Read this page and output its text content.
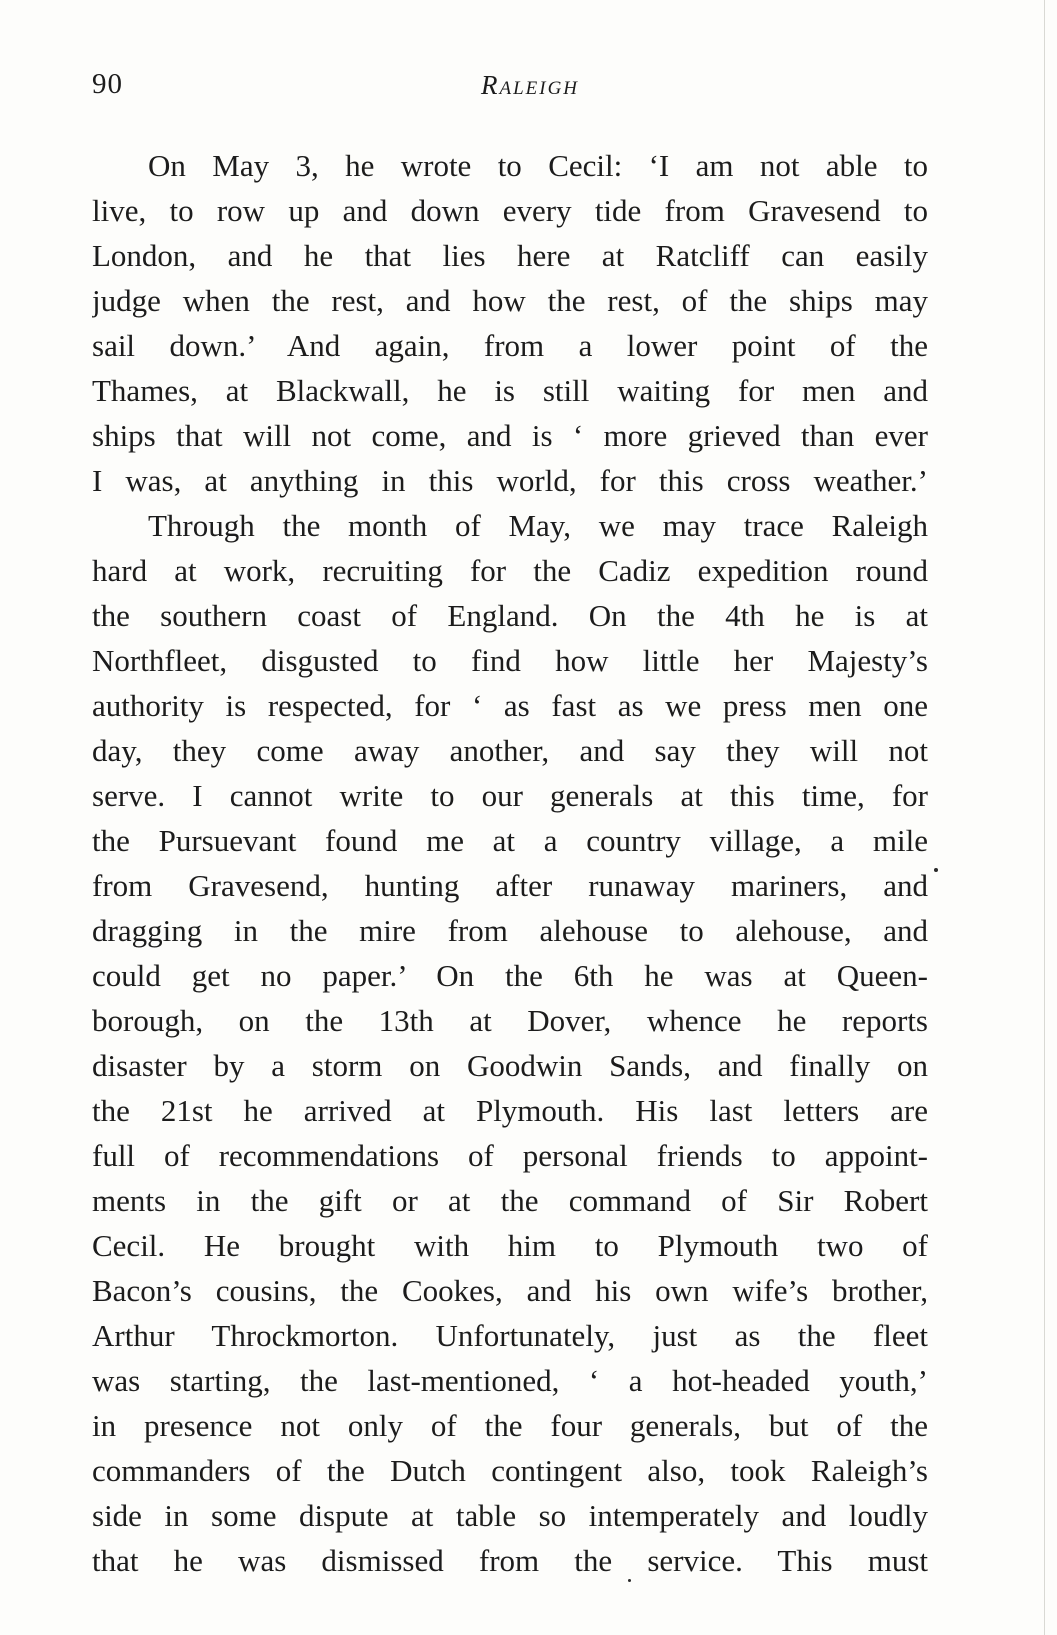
90	Raleigh
On May 3, he wrote to Cecil: ‘I am not able to
live, to row up and down every tide from Gravesend to
London, and he that lies here at Ratcliff can easily
judge when the rest, and how the rest, of the ships may
sail down.’ And again, from a lower point of the
Thames, at Blackwall, he is still waiting for men and
ships that will not come, and is ‘ more grieved than ever
I was, at anything in this world, for this cross weather.’
Through the month of May, we may trace Raleigh
hard at work, recruiting for the Cadiz expedition round
the southern coast of England. On the 4th he is at
Northfleet, disgusted to find how little her Majesty’s
authority is respected, for ‘ as fast as we press men one
day, they come away another, and say they will not
serve. I cannot write to our generals at this time, for
the Pursuevant found me at a country village, a mile
from Gravesend, hunting after runaway mariners, and
dragging in the mire from alehouse to alehouse, and
could get no paper.’ On the 6th he was at Queen-
borough, on the 13th at Dover, whence he reports
disaster by a storm on Goodwin Sands, and finally on
the 21st he arrived at Plymouth. His last letters are
full of recommendations of personal friends to appoint-
ments in the gift or at the command of Sir Robert
Cecil. He brought with him to Plymouth two of
Bacon’s cousins, the Cookes, and his own wife’s brother,
Arthur Throckmorton. Unfortunately, just as the fleet
was starting, the last-mentioned, ‘ a hot-headed youth,’
in presence not only of the four generals, but of the
commanders of the Dutch contingent also, took Raleigh’s
side in some dispute at table so intemperately and loudly
that he was dismissed from the service. This must
